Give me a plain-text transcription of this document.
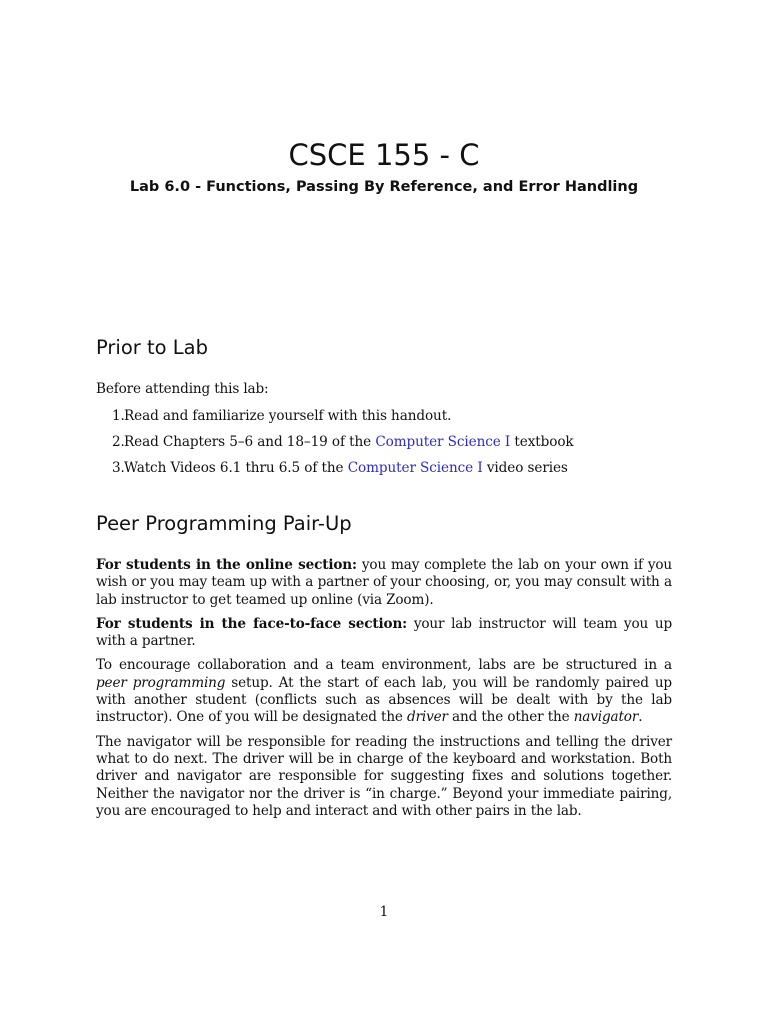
CSCE 155 - C
Lab 6.0 - Functions, Passing By Reference, and Error Handling
Prior to Lab

Before attending this lab:

1. Read and familiarize yourself with this handout.
2. Read Chapters 5–6 and 18–19 of the Computer Science I textbook
3. Watch Videos 6.1 thru 6.5 of the Computer Science I video series
Peer Programming Pair-Up

For students in the online section: you may complete the lab on your own if you wish or you may team up with a partner of your choosing, or, you may consult with a lab instructor to get teamed up online (via Zoom).

For students in the face-to-face section: your lab instructor will team you up with a partner.

To encourage collaboration and a team environment, labs are be structured in a peer programming setup. At the start of each lab, you will be randomly paired up with another student (conflicts such as absences will be dealt with by the lab instructor). One of you will be designated the driver and the other the navigator.

The navigator will be responsible for reading the instructions and telling the driver what to do next. The driver will be in charge of the keyboard and workstation. Both driver and navigator are responsible for suggesting fixes and solutions together. Neither the navigator nor the driver is “in charge.” Beyond your immediate pairing, you are encouraged to help and interact and with other pairs in the lab.

1
